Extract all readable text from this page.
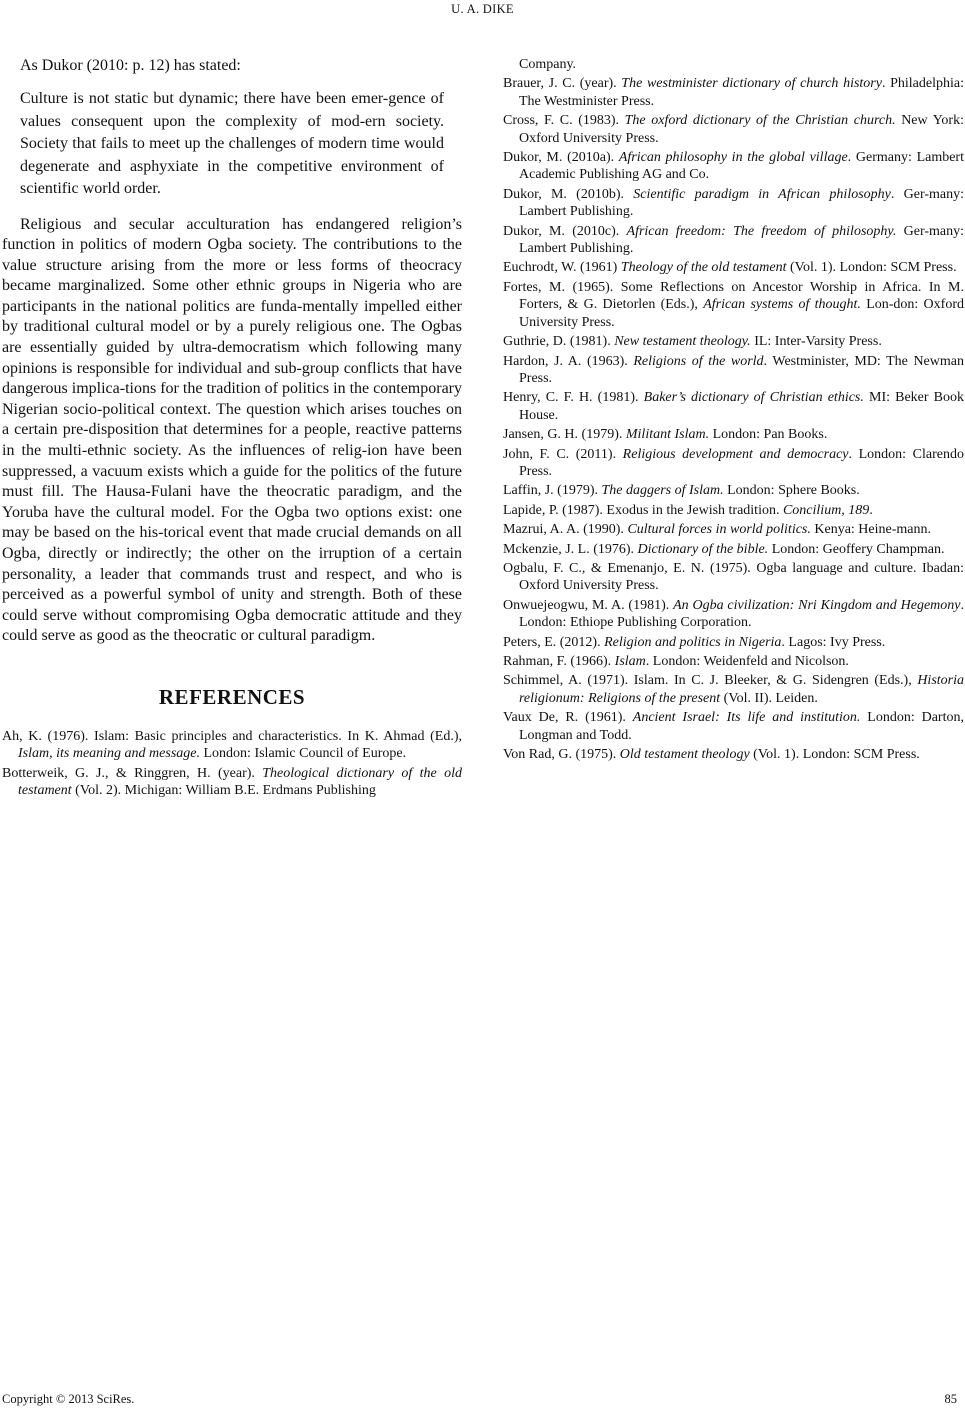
U. A. DIKE

As Dukor (2010: p. 12) has stated:

Culture is not static but dynamic; there have been emer-gence of values consequent upon the complexity of mod-ern society. Society that fails to meet up the challenges of modern time would degenerate and asphyxiate in the competitive environment of scientific world order.

Religious and secular acculturation has endangered religion’s function in politics of modern Ogba society. The contributions to the value structure arising from the more or less forms of theocracy became marginalized. Some other ethnic groups in Nigeria who are participants in the national politics are funda-mentally impelled either by traditional cultural model or by a purely religious one. The Ogbas are essentially guided by ultra-democratism which following many opinions is responsible for individual and sub-group conflicts that have dangerous implica-tions for the tradition of politics in the contemporary Nigerian socio-political context. The question which arises touches on a certain pre-disposition that determines for a people, reactive patterns in the multi-ethnic society. As the influences of relig-ion have been suppressed, a vacuum exists which a guide for the politics of the future must fill. The Hausa-Fulani have the theocratic paradigm, and the Yoruba have the cultural model. For the Ogba two options exist: one may be based on the his-torical event that made crucial demands on all Ogba, directly or indirectly; the other on the irruption of a certain personality, a leader that commands trust and respect, and who is perceived as a powerful symbol of unity and strength. Both of these could serve without compromising Ogba democratic attitude and they could serve as good as the theocratic or cultural paradigm.

REFERENCES

Ah, K. (1976). Islam: Basic principles and characteristics. In K. Ahmad (Ed.), Islam, its meaning and message. London: Islamic Council of Europe.

Botterweik, G. J., & Ringgren, H. (year). Theological dictionary of the old testament (Vol. 2). Michigan: William B.E. Erdmans Publishing

Company.

Brauer, J. C. (year). The westminister dictionary of church history. Philadelphia: The Westminister Press.

Cross, F. C. (1983). The oxford dictionary of the Christian church. New York: Oxford University Press.

Dukor, M. (2010a). African philosophy in the global village. Germany: Lambert Academic Publishing AG and Co.

Dukor, M. (2010b). Scientific paradigm in African philosophy. Ger-many: Lambert Publishing.

Dukor, M. (2010c). African freedom: The freedom of philosophy. Ger-many: Lambert Publishing.

Euchrodt, W. (1961) Theology of the old testament (Vol. 1). London: SCM Press.

Fortes, M. (1965). Some Reflections on Ancestor Worship in Africa. In M. Forters, & G. Dietorlen (Eds.), African systems of thought. Lon-don: Oxford University Press.

Guthrie, D. (1981). New testament theology. IL: Inter-Varsity Press.

Hardon, J. A. (1963). Religions of the world. Westminister, MD: The Newman Press.

Henry, C. F. H. (1981). Baker’s dictionary of Christian ethics. MI: Beker Book House.

Jansen, G. H. (1979). Militant Islam. London: Pan Books.

John, F. C. (2011). Religious development and democracy. London: Clarendo Press.

Laffin, J. (1979). The daggers of Islam. London: Sphere Books.

Lapide, P. (1987). Exodus in the Jewish tradition. Concilium, 189.

Mazrui, A. A. (1990). Cultural forces in world politics. Kenya: Heine-mann.

Mckenzie, J. L. (1976). Dictionary of the bible. London: Geoffery Champman.

Ogbalu, F. C., & Emenanjo, E. N. (1975). Ogba language and culture. Ibadan: Oxford University Press.

Onwuejeogwu, M. A. (1981). An Ogba civilization: Nri Kingdom and Hegemony. London: Ethiope Publishing Corporation.

Peters, E. (2012). Religion and politics in Nigeria. Lagos: Ivy Press.

Rahman, F. (1966). Islam. London: Weidenfeld and Nicolson.

Schimmel, A. (1971). Islam. In C. J. Bleeker, & G. Sidengren (Eds.), Historia religionum: Religions of the present (Vol. II). Leiden.

Vaux De, R. (1961). Ancient Israel: Its life and institution. London: Darton, Longman and Todd.

Von Rad, G. (1975). Old testament theology (Vol. 1). London: SCM Press.

Copyright © 2013 SciRes.	85
